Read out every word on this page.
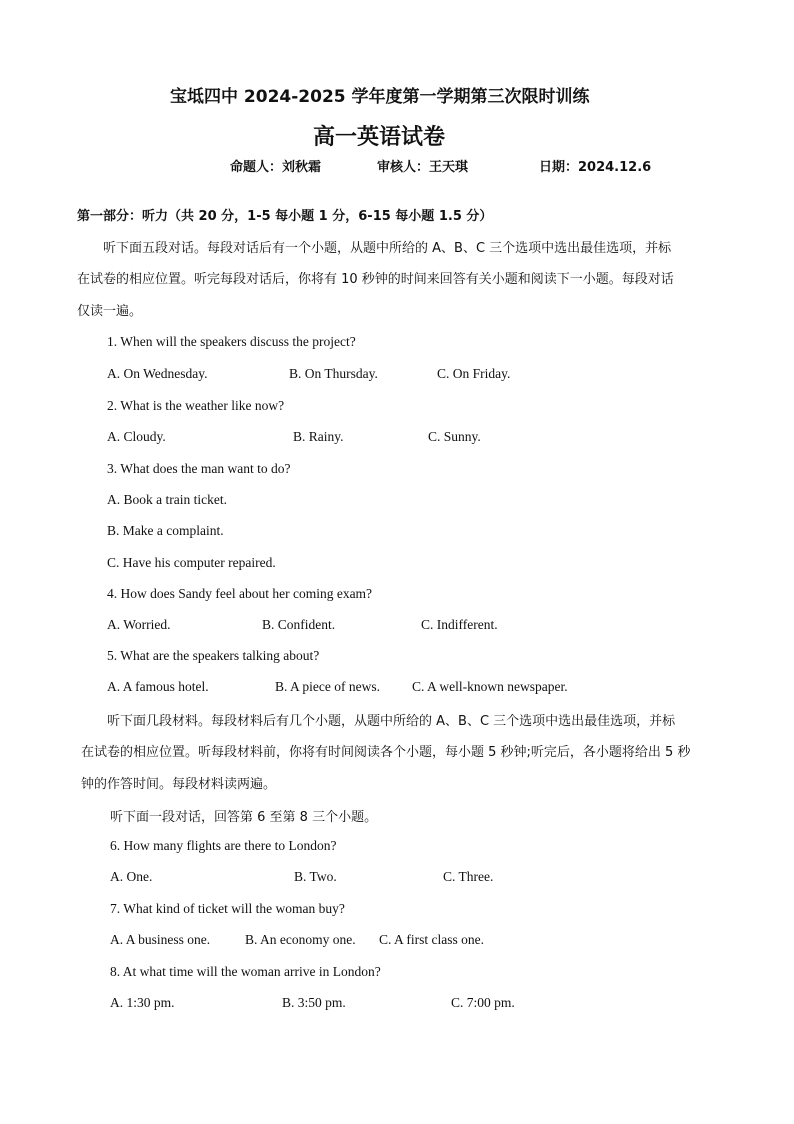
宝坻四中 2024-2025 学年度第一学期第三次限时训练
高一英语试卷
命题人：刘秋霜	审核人：王天琪	日期：2024.12.6
第一部分：听力（共 20 分，1-5 每小题 1 分，6-15 每小题 1.5 分）
听下面五段对话。每段对话后有一个小题，从题中所给的 A、B、C 三个选项中选出最佳选项，并标
在试卷的相应位置。听完每段对话后，你将有 10 秒钟的时间来回答有关小题和阅读下一小题。每段对话
仅读一遍。
1. When will the speakers discuss the project?
A. On Wednesday.	B. On Thursday.	C. On Friday.
2. What is the weather like now?
A. Cloudy.	B. Rainy.	C. Sunny.
3. What does the man want to do?
A. Book a train ticket.
B. Make a complaint.
C. Have his computer repaired.
4. How does Sandy feel about her coming exam?
A. Worried.	B. Confident.	C. Indifferent.
5. What are the speakers talking about?
A. A famous hotel.	B. A piece of news. C. A well-known newspaper.
听下面几段材料。每段材料后有几个小题，从题中所给的 A、B、C 三个选项中选出最佳选项，并标
在试卷的相应位置。听每段材料前，你将有时间阅读各个小题，每小题 5 秒钟;听完后，各小题将给出 5 秒
钟的作答时间。每段材料读两遍。
听下面一段对话，回答第 6 至第 8 三个小题。
6. How many flights are there to London?
A. One.	B. Two.	C. Three.
7. What kind of ticket will the woman buy?
A. A business one.	B. An economy one. C. A first class one.
8. At what time will the woman arrive in London?
A. 1:30 pm.	B. 3:50 pm.	C. 7:00 pm.
